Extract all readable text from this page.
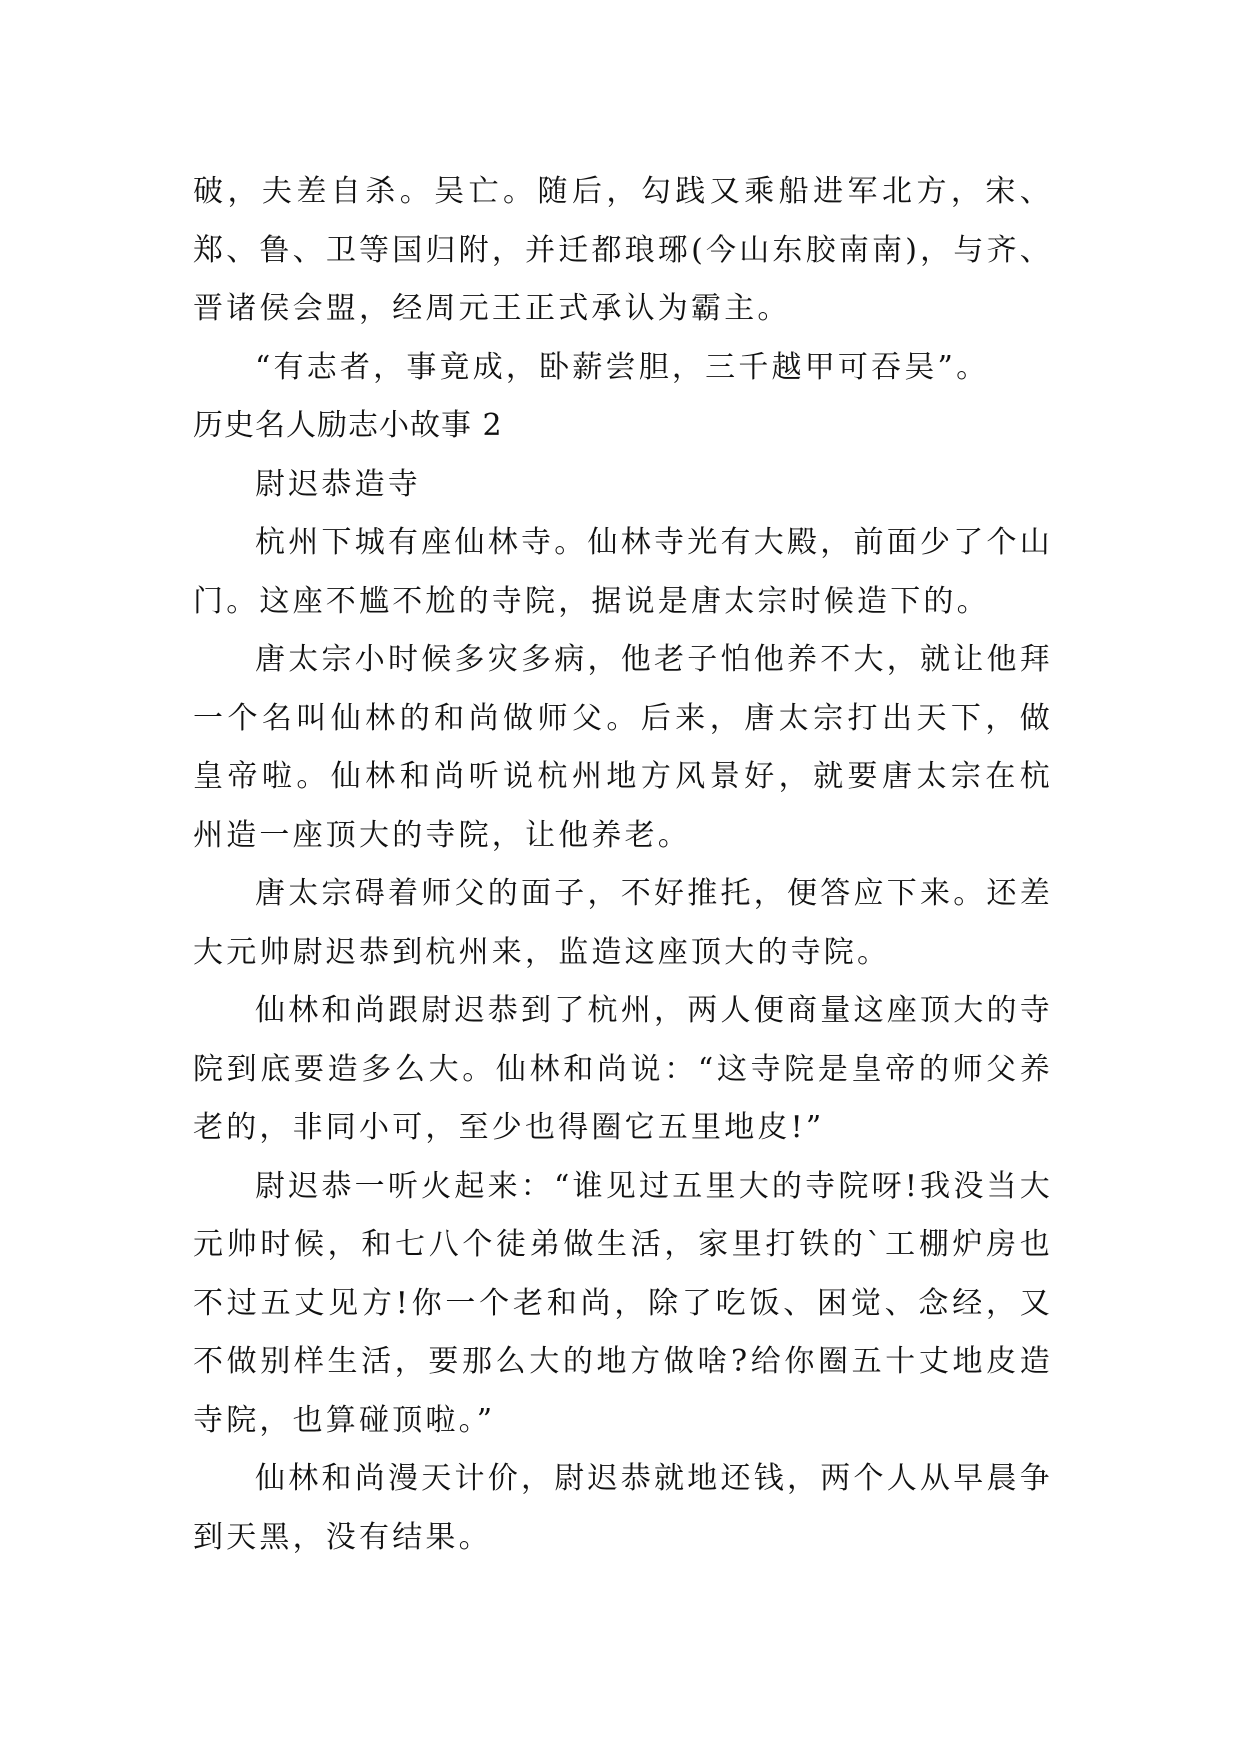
破，夫差自杀。吴亡。随后，勾践又乘船进军北方，宋、郑、鲁、卫等国归附，并迁都琅琊(今山东胶南南)，与齐、晋诸侯会盟，经周元王正式承认为霸主。

“有志者，事竟成，卧薪尝胆，三千越甲可吞吴”。

历史名人励志小故事 2

尉迟恭造寺

杭州下城有座仙林寺。仙林寺光有大殿，前面少了个山门。这座不尴不尬的寺院，据说是唐太宗时候造下的。

唐太宗小时候多灾多病，他老子怕他养不大，就让他拜一个名叫仙林的和尚做师父。后来，唐太宗打出天下，做皇帝啦。仙林和尚听说杭州地方风景好，就要唐太宗在杭州造一座顶大的寺院，让他养老。

唐太宗碍着师父的面子，不好推托，便答应下来。还差大元帅尉迟恭到杭州来，监造这座顶大的寺院。

仙林和尚跟尉迟恭到了杭州，两人便商量这座顶大的寺院到底要造多么大。仙林和尚说：“这寺院是皇帝的师父养老的，非同小可，至少也得圈它五里地皮!”

尉迟恭一听火起来：“谁见过五里大的寺院呀!我没当大元帅时候，和七八个徒弟做生活，家里打铁的`工棚炉房也不过五丈见方!你一个老和尚，除了吃饭、困觉、念经，又不做别样生活，要那么大的地方做啥?给你圈五十丈地皮造寺院，也算碰顶啦。”

仙林和尚漫天计价，尉迟恭就地还钱，两个人从早晨争到天黑，没有结果。
